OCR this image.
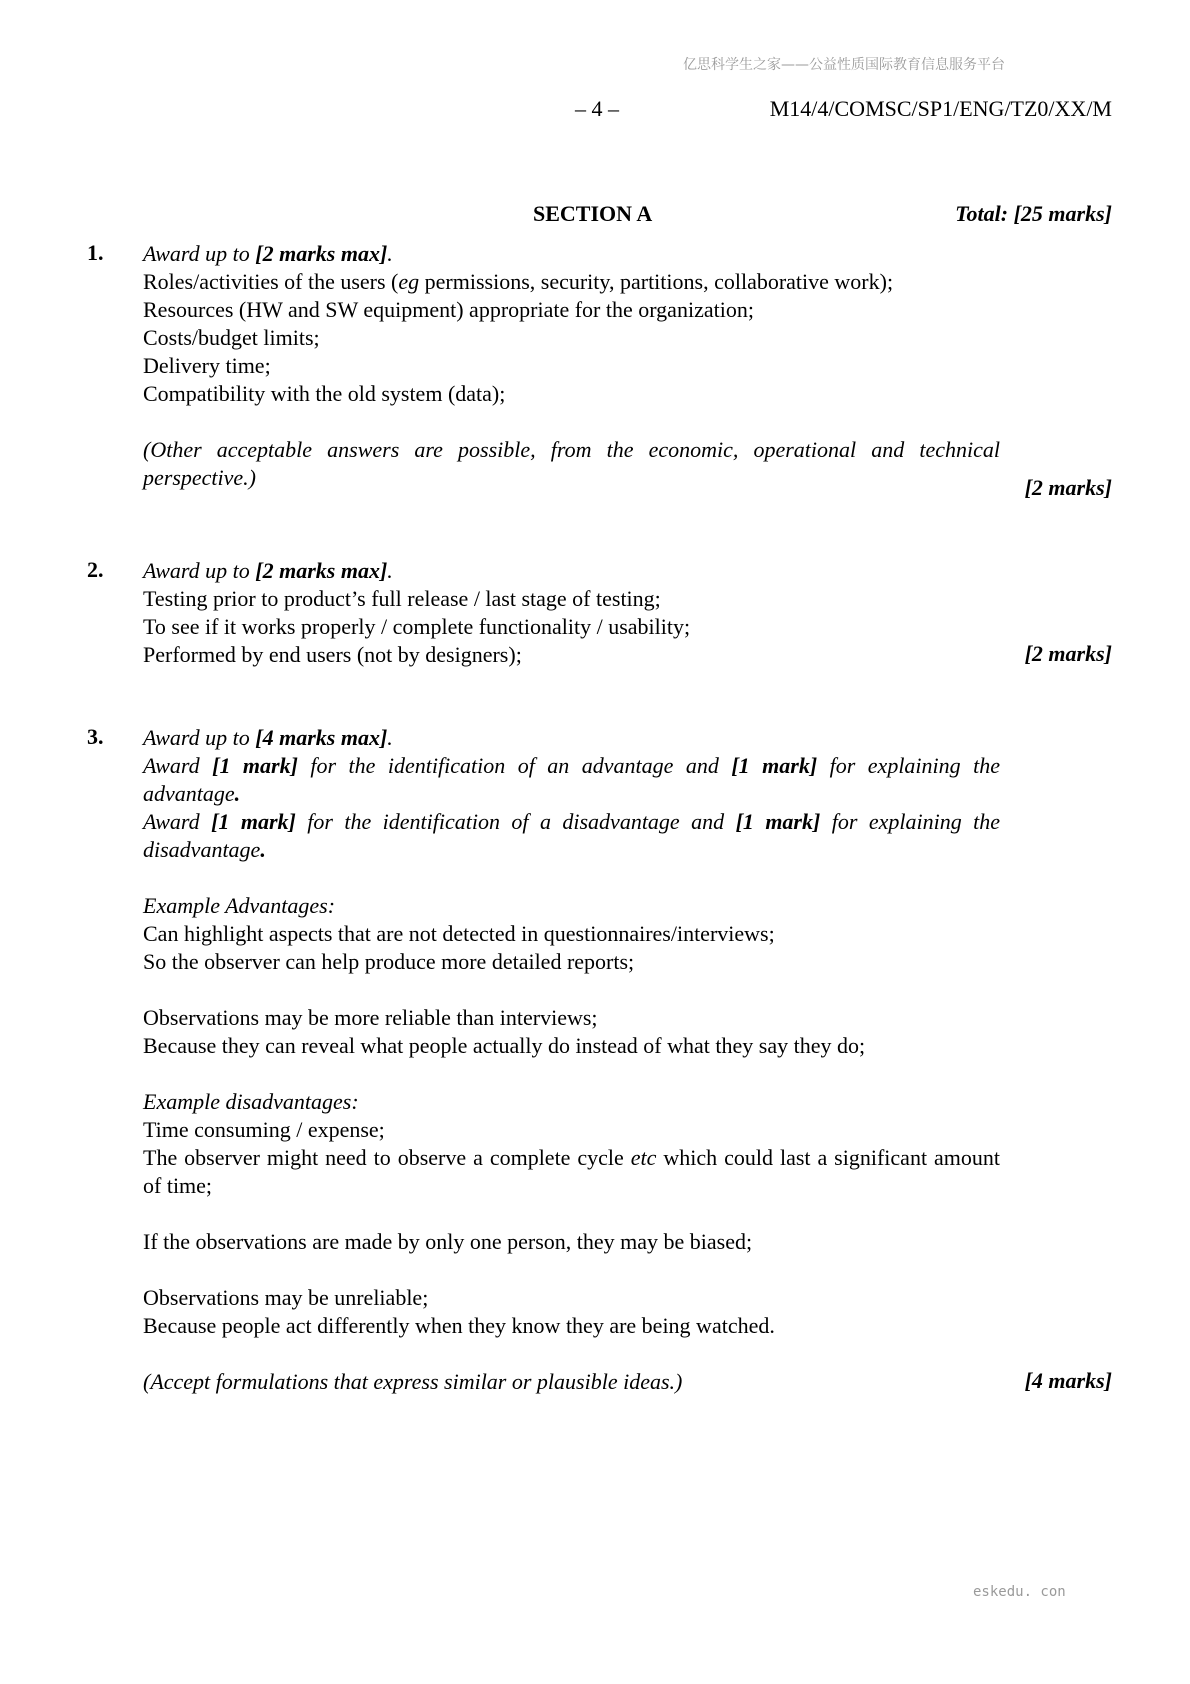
亿思科学生之家——公益性质国际教育信息服务平台
– 4 –	M14/4/COMSC/SP1/ENG/TZ0/XX/M
SECTION A	Total: [25 marks]
1. Award up to [2 marks max].

Roles/activities of the users (eg permissions, security, partitions, collaborative work);

Resources (HW and SW equipment) appropriate for the organization;

Costs/budget limits;

Delivery time;

Compatibility with the old system (data);

(Other acceptable answers are possible, from the economic, operational and technical perspective.)	[2 marks]
2. Award up to [2 marks max].

Testing prior to product’s full release / last stage of testing;

To see if it works properly / complete functionality / usability;

Performed by end users (not by designers);	[2 marks]
3. Award up to [4 marks max].

Award [1 mark] for the identification of an advantage and [1 mark] for explaining the advantage.

Award [1 mark] for the identification of a disadvantage and [1 mark] for explaining the disadvantage.

Example Advantages:

Can highlight aspects that are not detected in questionnaires/interviews;

So the observer can help produce more detailed reports;

Observations may be more reliable than interviews;

Because they can reveal what people actually do instead of what they say they do;

Example disadvantages:

Time consuming / expense;

The observer might need to observe a complete cycle etc which could last a significant amount of time;

If the observations are made by only one person, they may be biased;

Observations may be unreliable;

Because people act differently when they know they are being watched.

(Accept formulations that express similar or plausible ideas.)	[4 marks]
eskedu. con
